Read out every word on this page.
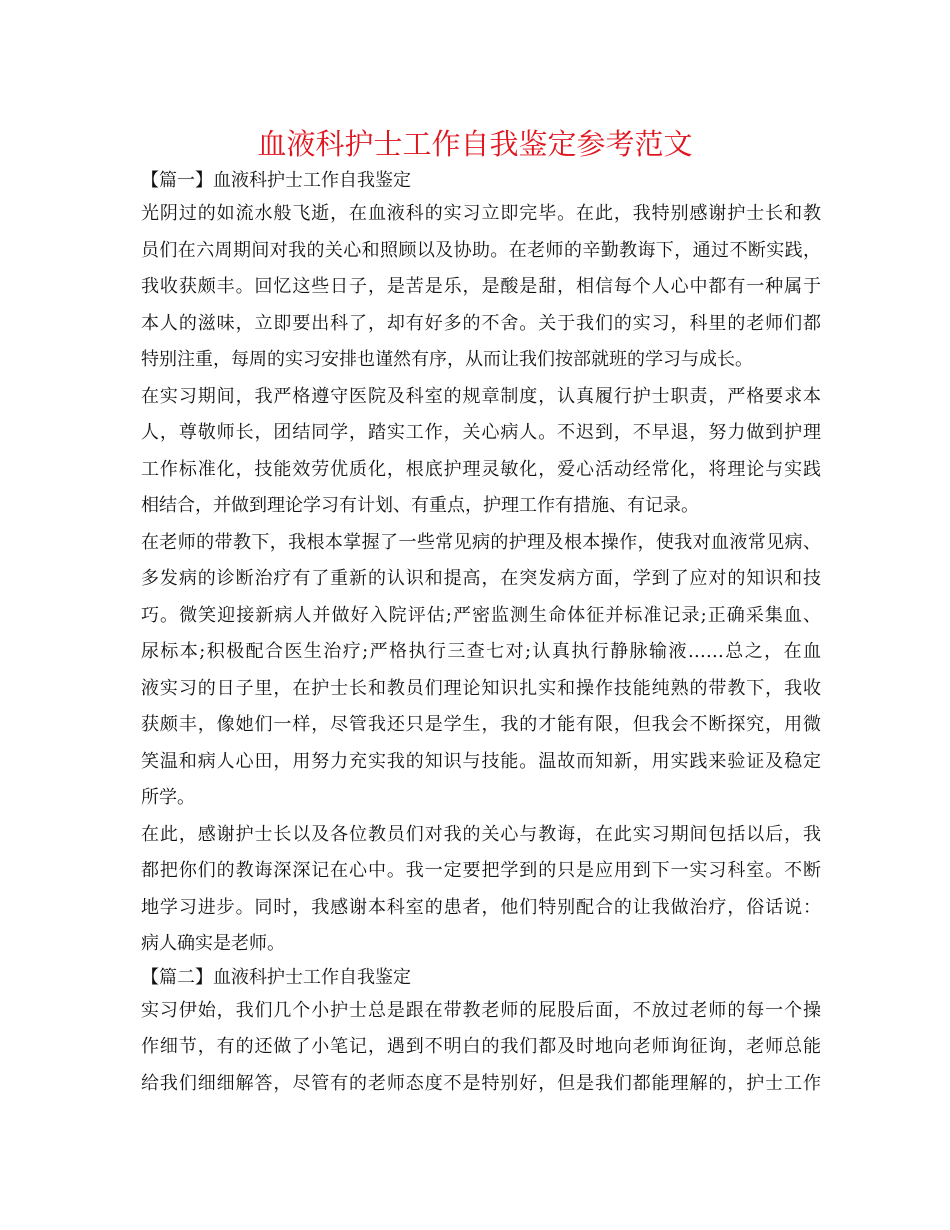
血液科护士工作自我鉴定参考范文
【篇一】血液科护士工作自我鉴定
光阴过的如流水般飞逝，在血液科的实习立即完毕。在此，我特别感谢护士长和教
员们在六周期间对我的关心和照顾以及协助。在老师的辛勤教诲下，通过不断实践，
我收获颇丰。回忆这些日子，是苦是乐，是酸是甜，相信每个人心中都有一种属于
本人的滋味，立即要出科了，却有好多的不舍。关于我们的实习，科里的老师们都
特别注重，每周的实习安排也谨然有序，从而让我们按部就班的学习与成长。
在实习期间，我严格遵守医院及科室的规章制度，认真履行护士职责，严格要求本
人，尊敬师长，团结同学，踏实工作，关心病人。不迟到，不早退，努力做到护理
工作标准化，技能效劳优质化，根底护理灵敏化，爱心活动经常化，将理论与实践
相结合，并做到理论学习有计划、有重点，护理工作有措施、有记录。
在老师的带教下，我根本掌握了一些常见病的护理及根本操作，使我对血液常见病、
多发病的诊断治疗有了重新的认识和提高，在突发病方面，学到了应对的知识和技
巧。微笑迎接新病人并做好入院评估;严密监测生命体征并标准记录;正确采集血、
尿标本;积极配合医生治疗;严格执行三查七对;认真执行静脉输液……总之，在血
液实习的日子里，在护士长和教员们理论知识扎实和操作技能纯熟的带教下，我收
获颇丰，像她们一样，尽管我还只是学生，我的才能有限，但我会不断探究，用微
笑温和病人心田，用努力充实我的知识与技能。温故而知新，用实践来验证及稳定
所学。
在此，感谢护士长以及各位教员们对我的关心与教诲，在此实习期间包括以后，我
都把你们的教诲深深记在心中。我一定要把学到的只是应用到下一实习科室。不断
地学习进步。同时，我感谢本科室的患者，他们特别配合的让我做治疗，俗话说：
病人确实是老师。
【篇二】血液科护士工作自我鉴定
实习伊始，我们几个小护士总是跟在带教老师的屁股后面，不放过老师的每一个操
作细节，有的还做了小笔记，遇到不明白的我们都及时地向老师询征询，老师总能
给我们细细解答，尽管有的老师态度不是特别好，但是我们都能理解的，护士工作
